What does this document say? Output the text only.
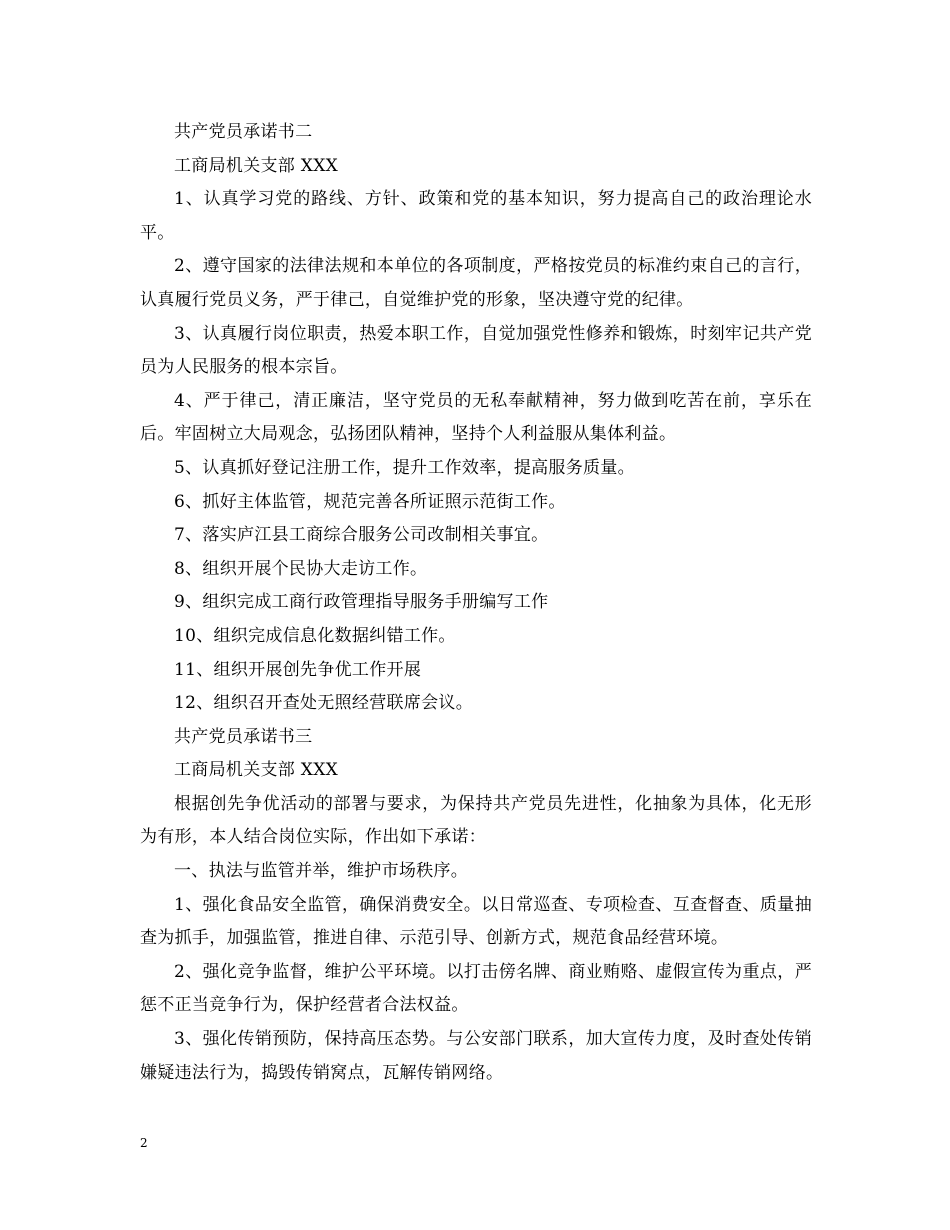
共产党员承诺书二

工商局机关支部 XXX

1、认真学习党的路线、方针、政策和党的基本知识，努力提高自己的政治理论水平。

2、遵守国家的法律法规和本单位的各项制度，严格按党员的标准约束自己的言行，认真履行党员义务，严于律己，自觉维护党的形象，坚决遵守党的纪律。

3、认真履行岗位职责，热爱本职工作，自觉加强党性修养和锻炼，时刻牢记共产党员为人民服务的根本宗旨。

4、严于律己，清正廉洁，坚守党员的无私奉献精神，努力做到吃苦在前，享乐在后。牢固树立大局观念，弘扬团队精神，坚持个人利益服从集体利益。

5、认真抓好登记注册工作，提升工作效率，提高服务质量。

6、抓好主体监管，规范完善各所证照示范街工作。

7、落实庐江县工商综合服务公司改制相关事宜。

8、组织开展个民协大走访工作。

9、组织完成工商行政管理指导服务手册编写工作

10、组织完成信息化数据纠错工作。

11、组织开展创先争优工作开展

12、组织召开查处无照经营联席会议。

共产党员承诺书三

工商局机关支部 XXX

根据创先争优活动的部署与要求，为保持共产党员先进性，化抽象为具体，化无形为有形，本人结合岗位实际，作出如下承诺：

一、执法与监管并举，维护市场秩序。

1、强化食品安全监管，确保消费安全。以日常巡查、专项检查、互查督查、质量抽查为抓手，加强监管，推进自律、示范引导、创新方式，规范食品经营环境。

2、强化竞争监督，维护公平环境。以打击傍名牌、商业贿赂、虚假宣传为重点，严惩不正当竞争行为，保护经营者合法权益。

3、强化传销预防，保持高压态势。与公安部门联系，加大宣传力度，及时查处传销嫌疑违法行为，捣毁传销窝点，瓦解传销网络。

2
